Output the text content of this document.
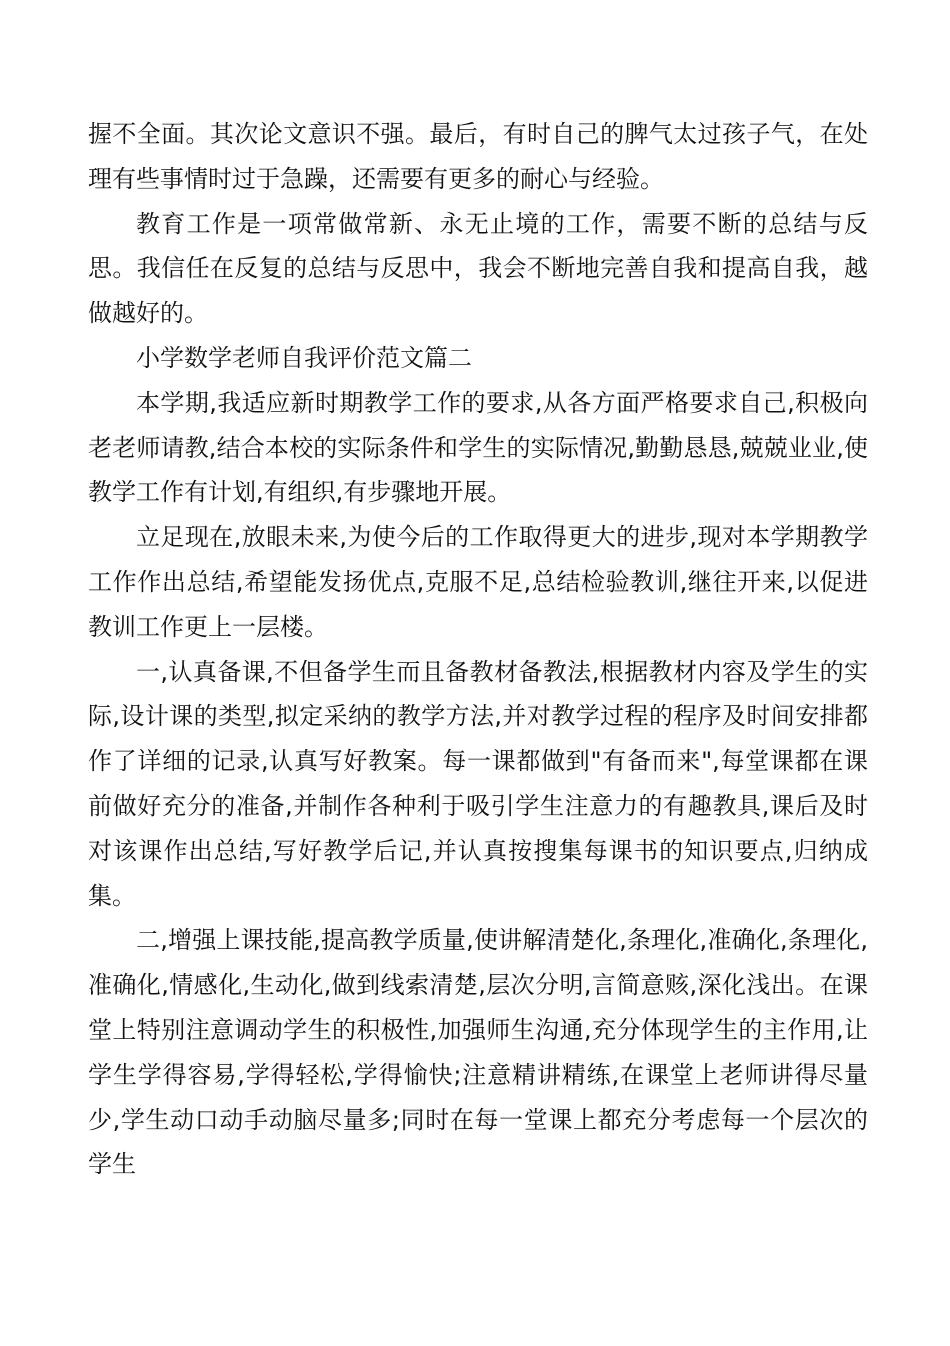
握不全面。其次论文意识不强。最后，有时自己的脾气太过孩子气，在处理有些事情时过于急躁，还需要有更多的耐心与经验。

教育工作是一项常做常新、永无止境的工作，需要不断的总结与反思。我信任在反复的总结与反思中，我会不断地完善自我和提高自我，越做越好的。

小学数学老师自我评价范文篇二

本学期,我适应新时期教学工作的要求,从各方面严格要求自己,积极向老老师请教,结合本校的实际条件和学生的实际情况,勤勤恳恳,兢兢业业,使教学工作有计划,有组织,有步骤地开展。

立足现在,放眼未来,为使今后的工作取得更大的进步,现对本学期教学工作作出总结,希望能发扬优点,克服不足,总结检验教训,继往开来,以促进教训工作更上一层楼。

一,认真备课,不但备学生而且备教材备教法,根据教材内容及学生的实际,设计课的类型,拟定采纳的教学方法,并对教学过程的程序及时间安排都作了详细的记录,认真写好教案。每一课都做到"有备而来",每堂课都在课前做好充分的准备,并制作各种利于吸引学生注意力的有趣教具,课后及时对该课作出总结,写好教学后记,并认真按搜集每课书的知识要点,归纳成集。

二,增强上课技能,提高教学质量,使讲解清楚化,条理化,准确化,条理化,准确化,情感化,生动化,做到线索清楚,层次分明,言简意赅,深化浅出。在课堂上特别注意调动学生的积极性,加强师生沟通,充分体现学生的主作用,让学生学得容易,学得轻松,学得愉快;注意精讲精练,在课堂上老师讲得尽量少,学生动口动手动脑尽量多;同时在每一堂课上都充分考虑每一个层次的学生
